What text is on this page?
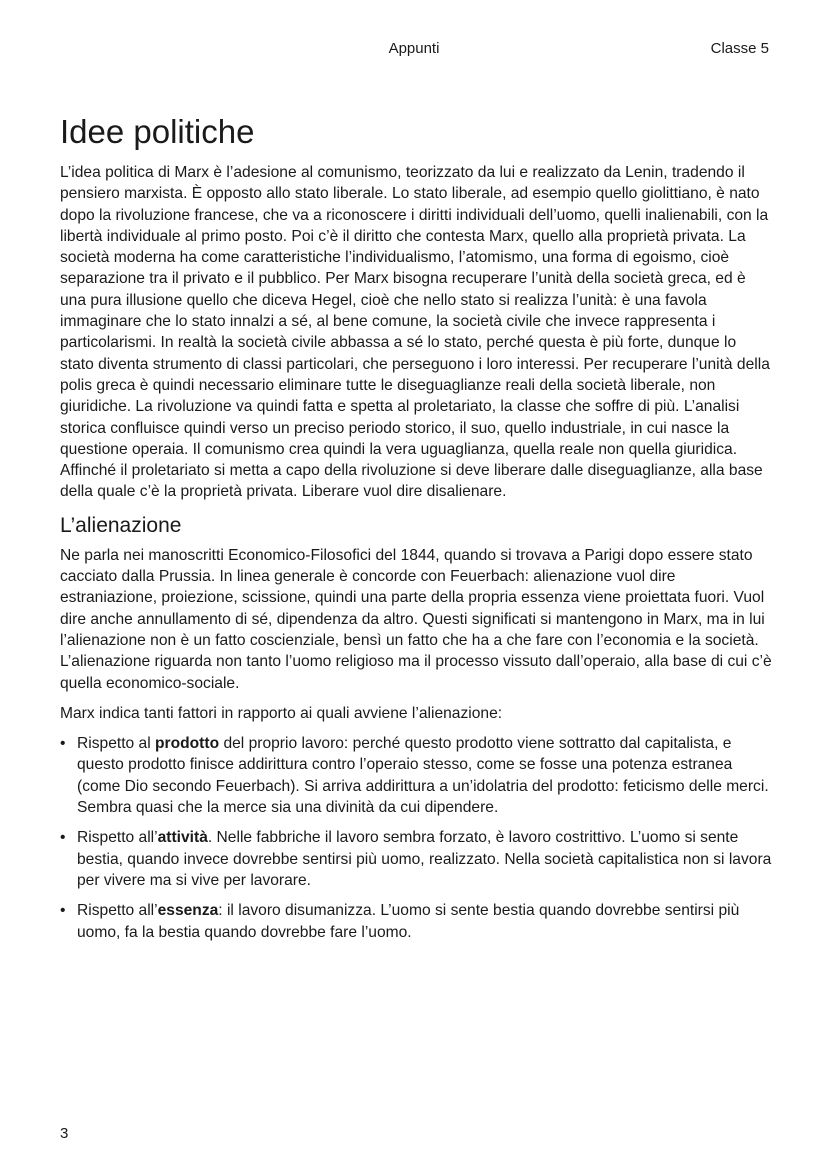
Appunti	Classe 5
Idee politiche

L’idea politica di Marx è l’adesione al comunismo, teorizzato da lui e realizzato da Lenin, tradendo il pensiero marxista. È opposto allo stato liberale. Lo stato liberale, ad esempio quello giolittiano, è nato dopo la rivoluzione francese, che va a riconoscere i diritti individuali dell’uomo, quelli inalienabili, con la libertà individuale al primo posto. Poi c’è il diritto che contesta Marx, quello alla proprietà privata. La società moderna ha come caratteristiche l’individualismo, l’atomismo, una forma di egoismo, cioè separazione tra il privato e il pubblico. Per Marx bisogna recuperare l’unità della società greca, ed è una pura illusione quello che diceva Hegel, cioè che nello stato si realizza l’unità: è una favola immaginare che lo stato innalzi a sé, al bene comune, la società civile che invece rappresenta i particolarismi. In realtà la società civile abbassa a sé lo stato, perché questa è più forte, dunque lo stato diventa strumento di classi particolari, che perseguono i loro interessi. Per recuperare l’unità della polis greca è quindi necessario eliminare tutte le diseguaglianze reali della società liberale, non giuridiche. La rivoluzione va quindi fatta e spetta al proletariato, la classe che soffre di più. L’analisi storica confluisce quindi verso un preciso periodo storico, il suo, quello industriale, in cui nasce la questione operaia. Il comunismo crea quindi la vera uguaglianza, quella reale non quella giuridica. Affinché il proletariato si metta a capo della rivoluzione si deve liberare dalle diseguaglianze, alla base della quale c’è la proprietà privata. Liberare vuol dire disalienare.

L’alienazione

Ne parla nei manoscritti Economico-Filosofici del 1844, quando si trovava a Parigi dopo essere stato cacciato dalla Prussia. In linea generale è concorde con Feuerbach: alienazione vuol dire estraniazione, proiezione, scissione, quindi una parte della propria essenza viene proiettata fuori. Vuol dire anche annullamento di sé, dipendenza da altro. Questi significati si mantengono in Marx, ma in lui l’alienazione non è un fatto coscienziale, bensì un fatto che ha a che fare con l’economia e la società. L’alienazione riguarda non tanto l’uomo religioso ma il processo vissuto dall’operaio, alla base di cui c’è quella economico-sociale.

Marx indica tanti fattori in rapporto ai quali avviene l’alienazione:

• Rispetto al prodotto del proprio lavoro: perché questo prodotto viene sottratto dal capitalista, e questo prodotto finisce addirittura contro l’operaio stesso, come se fosse una potenza estranea (come Dio secondo Feuerbach). Si arriva addirittura a un’idolatria del prodotto: feticismo delle merci. Sembra quasi che la merce sia una divinità da cui dipendere.
• Rispetto all’attività. Nelle fabbriche il lavoro sembra forzato, è lavoro costrittivo. L’uomo si sente bestia, quando invece dovrebbe sentirsi più uomo, realizzato. Nella società capitalistica non si lavora per vivere ma si vive per lavorare.
• Rispetto all’essenza: il lavoro disumanizza. L’uomo si sente bestia quando dovrebbe sentirsi più uomo, fa la bestia quando dovrebbe fare l’uomo.
3
